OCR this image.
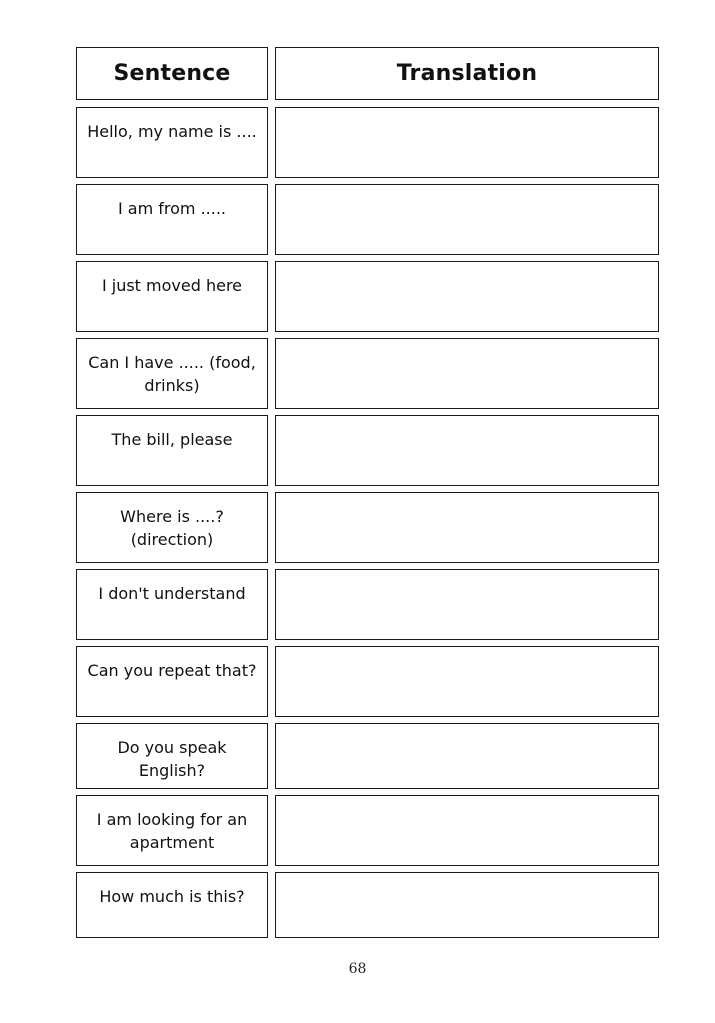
Sentence	Translation
Hello, my name is ....
I am from .....
I just moved here
Can I have ..... (food, drinks)
The bill, please
Where is ....? (direction)
I don't understand
Can you repeat that?
Do you speak English?
I am looking for an apartment
How much is this?
68
